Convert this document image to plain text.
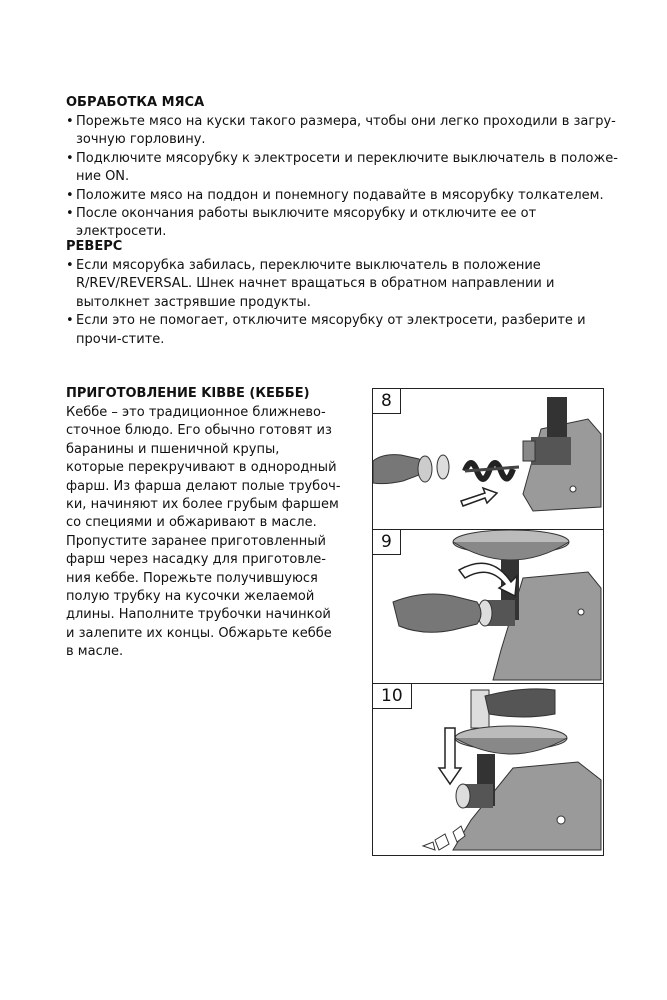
ОБРАБОТКА МЯСА
• Порежьте мясо на куски такого размера, чтобы они легко проходили в загру-зочную горловину.
• Подключите мясорубку к электросети и переключите выключатель в положе-ние ON.
• Положите мясо на поддон и понемногу подавайте в мясорубку толкателем.
• После окончания работы выключите мясорубку и отключите ее от электросети.
РЕВЕРС
• Если мясорубка забилась, переключите выключатель в положение R/REV/REVERSAL. Шнек начнет вращаться в обратном направлении и вытолкнет застрявшие продукты.
• Если это не помогает, отключите мясорубку от электросети, разберите и прочи-стите.
ПРИГОТОВЛЕНИЕ KIBBE (КЕББЕ)

Кеббе – это традиционное ближнево-сточное блюдо. Его обычно готовят из баранины и пшеничной крупы, которые перекручивают в однородный фарш. Из фарша делают полые трубоч-ки, начиняют их более грубым фаршем со специями и обжаривают в масле. Пропустите заранее приготовленный фарш через насадку для приготовле-ния кеббе. Порежьте получившуюся полую трубку на кусочки желаемой длины. Наполните трубочки начинкой и залепите их концы. Обжарьте кеббе в масле.

8
9
10
